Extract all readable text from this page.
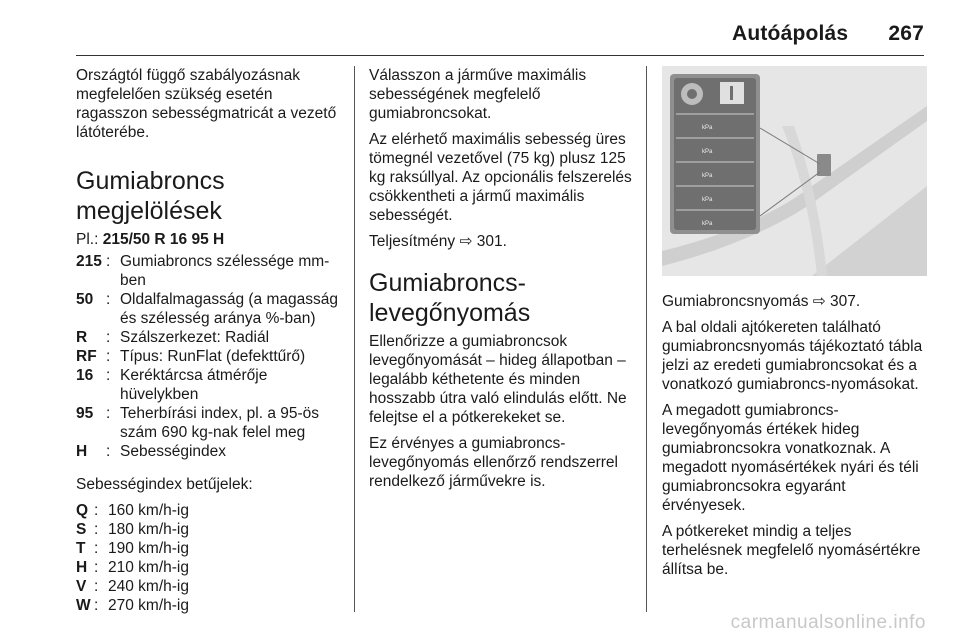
Autóápolás 267

Országtól függő szabályozásnak megfelelően szükség esetén ragasszon sebességmatricát a vezető látóterébe.

Gumiabroncs megjelölések
Pl.: 215/50 R 16 95 H
215 : Gumiabroncs szélessége mm-ben
50 : Oldalfalmagasság (a magasság és szélesség aránya %-ban)
R	: Szálszerkezet: Radiál
RF : Típus: RunFlat (defekttűrő)
16 : Keréktárcsa átmérője hüvelykben
95 : Teherbírási index, pl. a 95-ös szám 690 kg-nak felel meg
H	: Sebességindex

Sebességindex betűjelek:

Q : 160 km/h-ig
S : 180 km/h-ig
T : 190 km/h-ig
H : 210 km/h-ig
V : 240 km/h-ig
W : 270 km/h-ig

Válasszon a járműve maximális sebességének megfelelő gumiabroncsokat.

Az elérhető maximális sebesség üres tömegnél vezetővel (75 kg) plusz 125 kg raksúllyal. Az opcionális felszerelés csökkentheti a jármű maximális sebességét.

Teljesítmény ⇨ 301.

Gumiabroncs-levegőnyomás

Ellenőrizze a gumiabroncsok levegőnyomását – hideg állapotban – legalább kéthetente és minden hosszabb útra való elindulás előtt. Ne felejtse el a pótkerekeket se.

Ez érvényes a gumiabroncs-levegőnyomás ellenőrző rendszerrel rendelkező járművekre is.

kPa
kPa
kPa
kPa
kPa

Gumiabroncsnyomás ⇨ 307.

A bal oldali ajtókereten található gumiabroncsnyomás tájékoztató tábla jelzi az eredeti gumiabroncsokat és a vonatkozó gumiabroncs-nyomásokat.

A megadott gumiabroncs-levegőnyomás értékek hideg gumiabroncsokra vonatkoznak. A megadott nyomásértékek nyári és téli gumiabroncsokra egyaránt érvényesek.

A pótkereket mindig a teljes terhelésnek megfelelő nyomásértékre állítsa be.

carmanualsonline.info
